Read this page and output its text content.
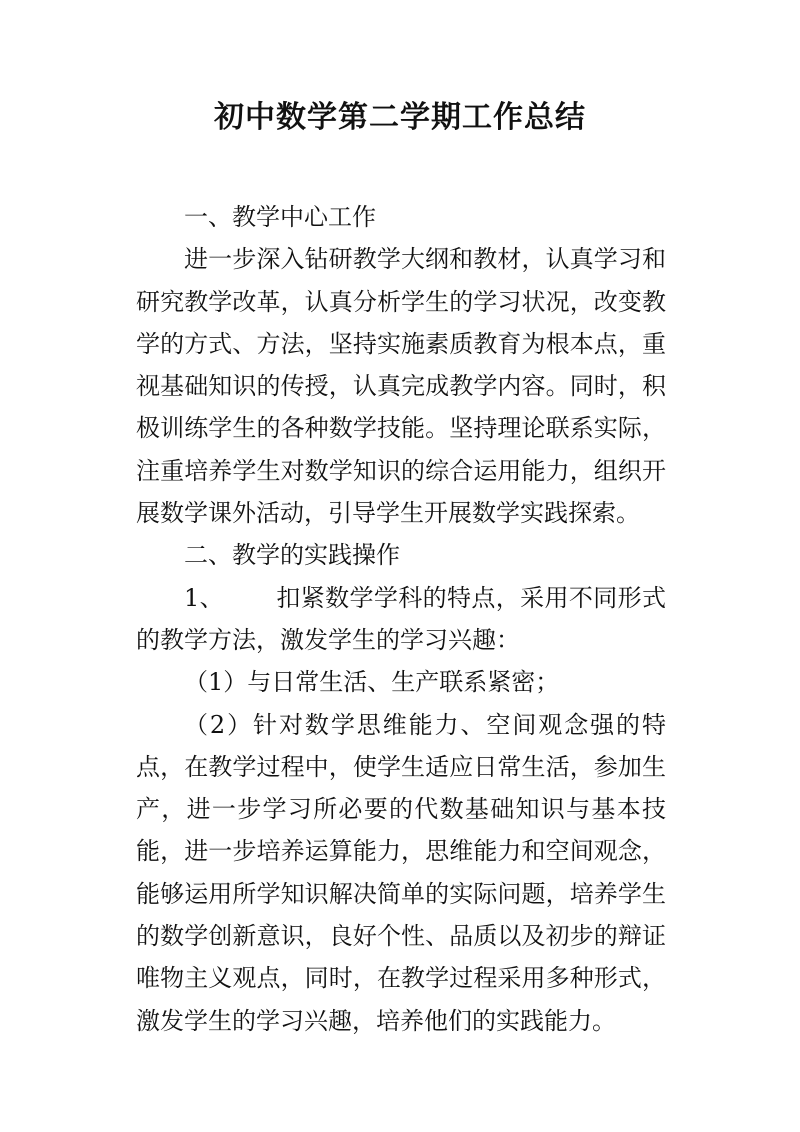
初中数学第二学期工作总结

一、教学中心工作

进一步深入钻研教学大纲和教材，认真学习和研究教学改革，认真分析学生的学习状况，改变教学的方式、方法，坚持实施素质教育为根本点，重视基础知识的传授，认真完成教学内容。同时，积极训练学生的各种数学技能。坚持理论联系实际，注重培养学生对数学知识的综合运用能力，组织开展数学课外活动，引导学生开展数学实践探索。

二、教学的实践操作

1、 扣紧数学学科的特点，采用不同形式的教学方法，激发学生的学习兴趣：

（1）与日常生活、生产联系紧密；

（2）针对数学思维能力、空间观念强的特点，在教学过程中，使学生适应日常生活，参加生产，进一步学习所必要的代数基础知识与基本技能，进一步培养运算能力，思维能力和空间观念，能够运用所学知识解决简单的实际问题，培养学生的数学创新意识，良好个性、品质以及初步的辩证唯物主义观点，同时，在教学过程采用多种形式，激发学生的学习兴趣，培养他们的实践能力。
